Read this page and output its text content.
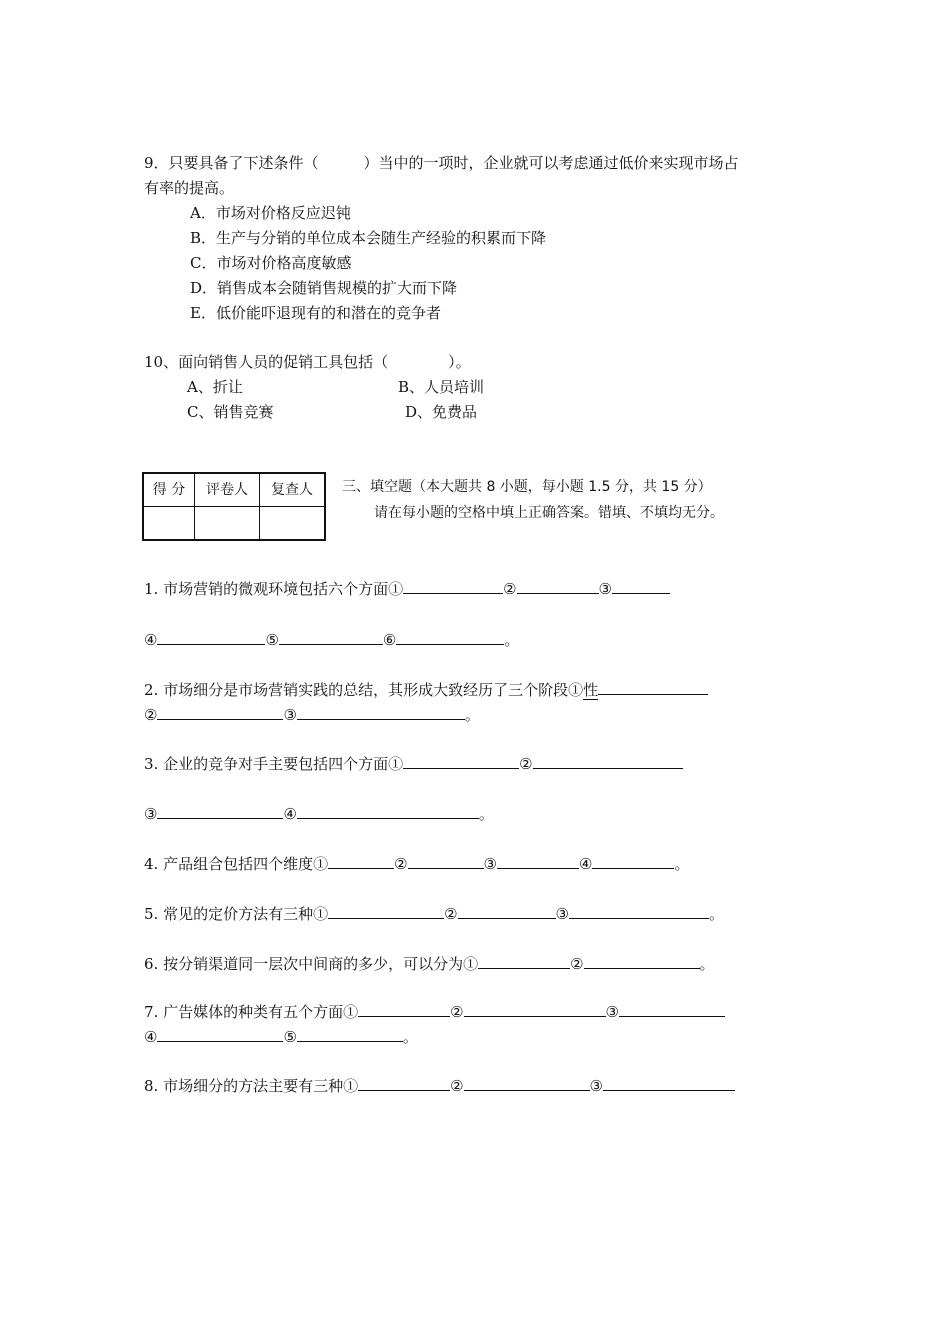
9．只要具备了下述条件（　　　）当中的一项时，企业就可以考虑通过低价来实现市场占
有率的提高。
A．市场对价格反应迟钝
B．生产与分销的单位成本会随生产经验的积累而下降
C．市场对价格高度敏感
D．销售成本会随销售规模的扩大而下降
E．低价能吓退现有的和潜在的竞争者
10、面向销售人员的促销工具包括（　　　　）。
A、折让	B、人员培训
C、销售竞赛	D、免费品
得 分	评卷人	复查人
		三、填空题（本大题共 8 小题，每小题 1.5 分，共 15 分）
请在每小题的空格中填上正确答案。错填、不填均无分。
1. 市场营销的微观环境包括六个方面①	②	③
④	⑤	⑥	。
2. 市场细分是市场营销实践的总结，其形成大致经历了三个阶段①性
②	③	。
3. 企业的竞争对手主要包括四个方面①	②
③	④	。
4. 产品组合包括四个维度①	②	③	④	。
5. 常见的定价方法有三种①	②	③	。
6. 按分销渠道同一层次中间商的多少，可以分为①	②	。
7. 广告媒体的种类有五个方面①	②	③
④	⑤	。
8. 市场细分的方法主要有三种①	②	③
